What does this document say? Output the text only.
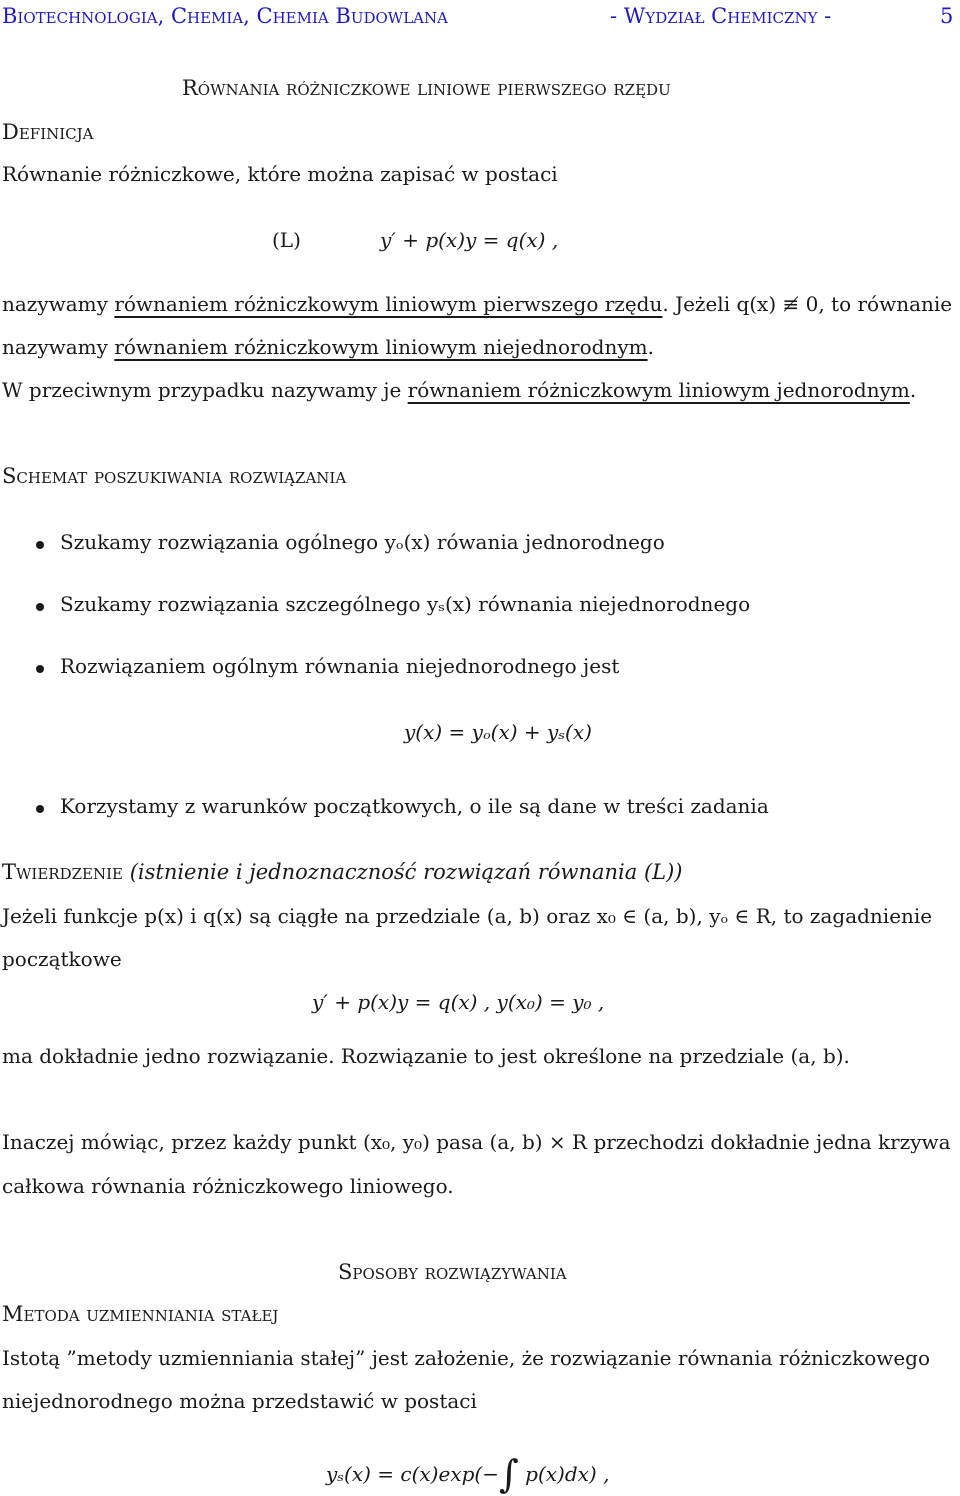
Biotechnologia, Chemia, Chemia Budowlana	- Wydział Chemiczny -	5
Równania różniczkowe liniowe pierwszego rzędu
Definicja
Równanie różniczkowe, które można zapisać w postaci
(L)	y′ + p(x)y = q(x) ,
nazywamy równaniem różniczkowym liniowym pierwszego rzędu. Jeżeli q(x) ≢ 0, to równanie
nazywamy równaniem różniczkowym liniowym niejednorodnym.
W przeciwnym przypadku nazywamy je równaniem różniczkowym liniowym jednorodnym.
Schemat poszukiwania rozwiązania
Szukamy rozwiązania ogólnego yₒ(x) rówania jednorodnego
Szukamy rozwiązania szczególnego yₛ(x) równania niejednorodnego
Rozwiązaniem ogólnym równania niejednorodnego jest
y(x) = yₒ(x) + yₛ(x)
Korzystamy z warunków początkowych, o ile są dane w treści zadania
Twierdzenie (istnienie i jednoznaczność rozwiązań równania (L))
Jeżeli funkcje p(x) i q(x) są ciągłe na przedziale (a, b) oraz x₀ ∈ (a, b), yₒ ∈ R, to zagadnienie
początkowe
y′ + p(x)y = q(x) , y(x₀) = y₀ ,
ma dokładnie jedno rozwiązanie. Rozwiązanie to jest określone na przedziale (a, b).
Inaczej mówiąc, przez każdy punkt (x₀, y₀) pasa (a, b) × R przechodzi dokładnie jedna krzywa
całkowa równania różniczkowego liniowego.
Sposoby rozwiązywania
Metoda uzmienniania stałej
Istotą ”metody uzmienniania stałej” jest założenie, że rozwiązanie równania różniczkowego
niejednorodnego można przedstawić w postaci
yₛ(x) = c(x)exp(−∫ p(x)dx) ,
